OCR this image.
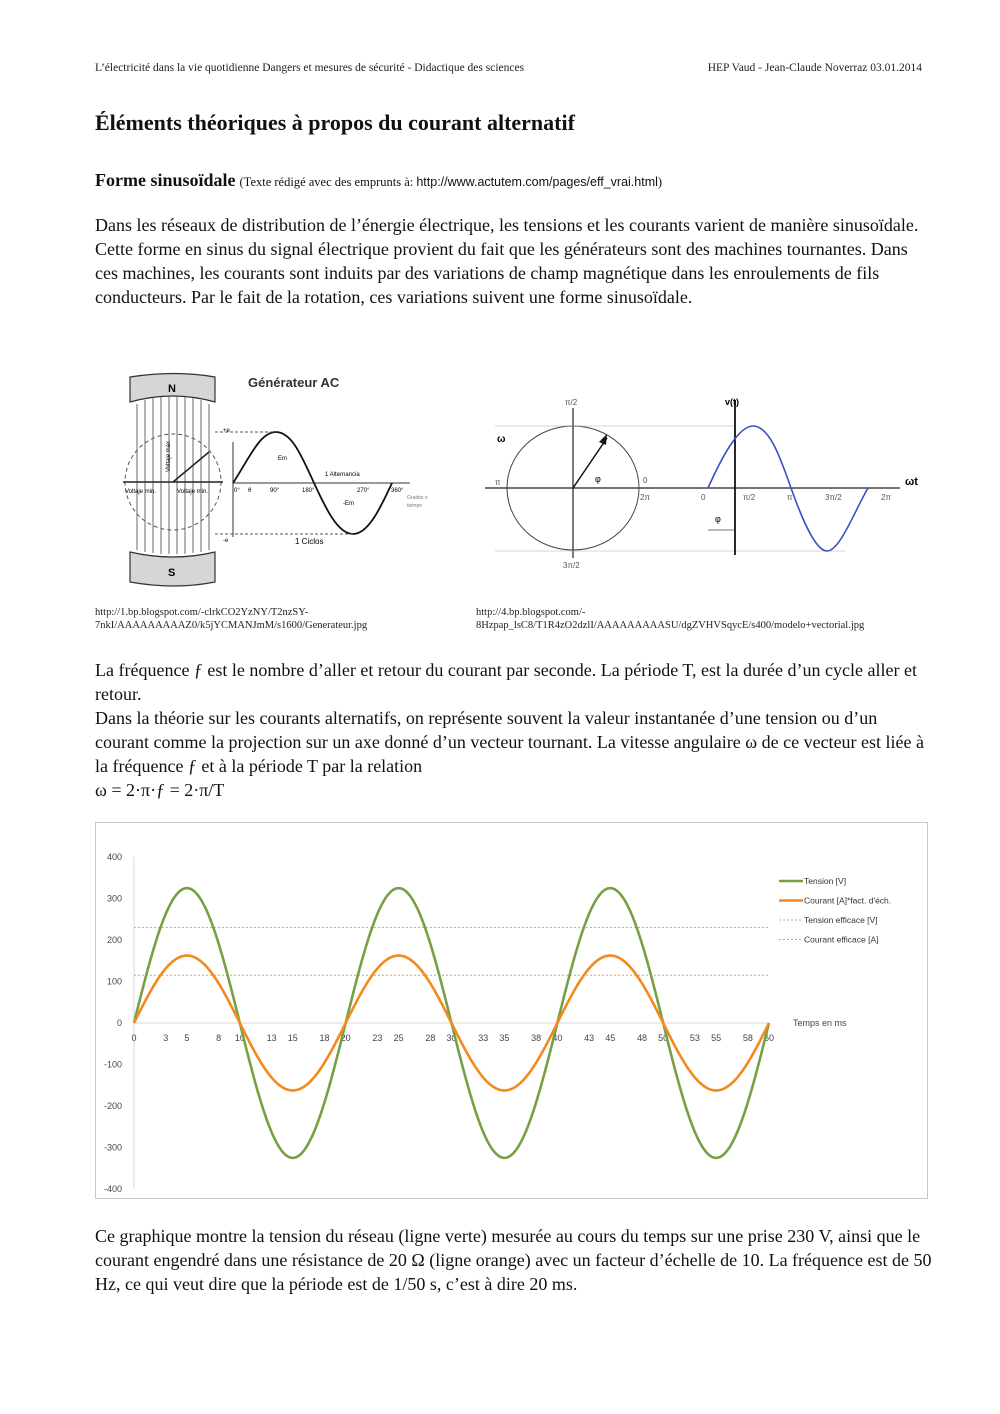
L’électricité dans la vie quotidienne Dangers et mesures de sécurité - Didactique des sciences	HEP Vaud - Jean-Claude Noverraz 03.01.2014
Éléments théoriques à propos du courant alternatif
Forme sinusoïdale (Texte rédigé avec des emprunts à: http://www.actutem.com/pages/eff_vrai.html)

Dans les réseaux de distribution de l’énergie électrique, les tensions et les courants varient de manière sinusoïdale. Cette forme en sinus du signal électrique provient du fait que les générateurs sont des machines tournantes. Dans ces machines, les courants sont induits par des variations de champ magnétique dans les enroulements de fils conducteurs. Par le fait de la rotation, ces variations suivent une forme sinusoïdale.

Générateur AC
N
S
Voltaje min.	Voltaje min.
Voltaje máx
+e
-e
Em
-Em
0° θ	90°	180°	270°	360°
1 Alternancia
1 Ciclos
Grados o
tiempo
π/2
π	0
2π
3π/2
ω
φ
v(t)
ωt
0	π/2	π	3π/2	2π
φ
http://1.bp.blogspot.com/-clrkCO2YzNY/T2nzSY-
7nkI/AAAAAAAAAZ0/k5jYCMANJmM/s1600/Generateur.jpg
http://4.bp.blogspot.com/-
8Hzpap_lsC8/T1R4zO2dzlI/AAAAAAAAASU/dgZVHVSqycE/s400/modelo+vectorial.jpg

La fréquence ƒ est le nombre d’aller et retour du courant par seconde. La période T, est la durée d’un cycle aller et retour.

Dans la théorie sur les courants alternatifs, on représente souvent la valeur instantanée d’une tension ou d’un courant comme la projection sur un axe donné d’un vecteur tournant. La vitesse angulaire ω de ce vecteur est liée à la fréquence ƒ et à la période T par la relation

ω = 2·π·ƒ = 2·π/T

400
300
200
100
0
-100
-200
-300
-400
0	3 5	8 10 13 15 18 20 23 25 28 30 33 35 38 40 43 45 48 50 53 55 58 60
Temps en ms
Tension [V]
Courant [A]*fact. d'éch.
Tension efficace [V]
Courant efficace [A]

Ce graphique montre la tension du réseau (ligne verte) mesurée au cours du temps sur une prise 230 V, ainsi que le courant engendré dans une résistance de 20 Ω (ligne orange) avec un facteur d’échelle de 10. La fréquence est de 50 Hz, ce qui veut dire que la période est de 1/50 s, c’est à dire 20 ms.
